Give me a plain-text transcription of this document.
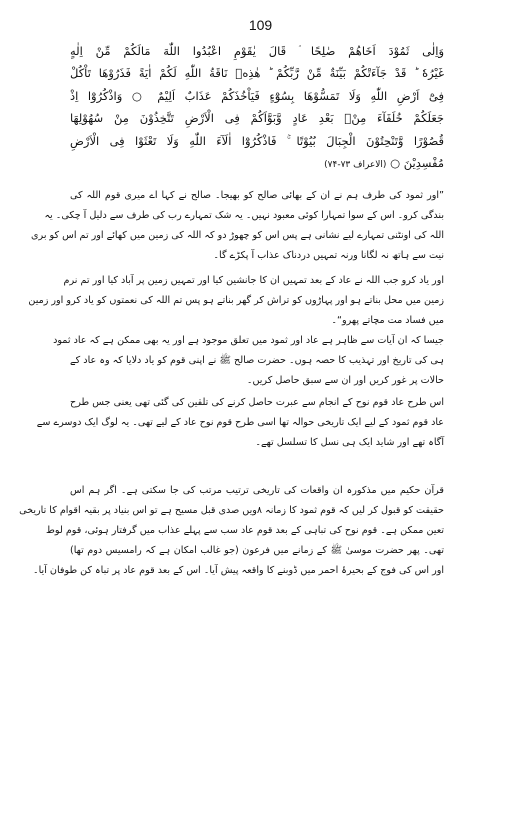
109
وَاِلٰی ثَمُوْدَ اَخَاهُمْ صٰلِحًا ۘ قَالَ یٰقَوْمِ اعْبُدُوا اللّٰهَ مَالَكُمْ مِّنْ اِلٰهٍ
غَیْرُهٗ ؕ قَدْ جَآءَتْكُمْ بَیِّنَةٌ مِّنْ رَّبِّكُمْ ؕ هٰذِهٖ نَاقَةُ اللّٰهِ لَكُمْ اٰیَةً فَذَرُوْهَا تَاْكُلْ
فِیْٓ اَرْضِ اللّٰهِ وَلَا تَمَسُّوْهَا بِسُوْٓءٍ فَیَاْخُذَكُمْ عَذَابٌ اَلِیْمٌ ○ وَاذْكُرُوْٓا اِذْ
جَعَلَكُمْ خُلَفَآءَ مِنْۢ بَعْدِ عَادٍ وَّبَوَّاَكُمْ فِی الْاَرْضِ تَتَّخِذُوْنَ مِنْ سُهُوْلِهَا
قُصُوْرًا وَّتَنْحِتُوْنَ الْجِبَالَ بُیُوْتًا ۚ فَاذْكُرُوْٓا اٰلَآءَ اللّٰهِ وَلَا تَعْثَوْا فِی الْاَرْضِ
مُفْسِدِیْنَ ○ (الاعراف ۷۳-۷۴)
”اور ثمود کی طرف ہم نے ان کے بھائی صالح کو بھیجا۔ صالح نے کہا اے میری قوم اللہ کی
بندگی کرو۔ اس کے سوا تمہارا کوئی معبود نہیں۔ یہ شک تمہارے رب کی طرف سے دلیل آ چکی۔ یہ
اللہ کی اونٹنی تمہارے لیے نشانی ہے پس اس کو چھوڑ دو کہ اللہ کی زمین میں کھائے اور تم اس کو بری
نیت سے ہاتھ نہ لگانا ورنہ تمہیں دردناک عذاب آ پکڑے گا۔
اور یاد کرو جب اللہ نے عاد کے بعد تمہیں ان کا جانشین کیا اور تمہیں زمین پر آباد کیا اور تم نرم
زمین میں محل بناتے ہو اور پہاڑوں کو تراش کر گھر بناتے ہو پس تم اللہ کی نعمتوں کو یاد کرو اور زمین
میں فساد مت مچاتے پھرو“۔
جیسا کہ ان آیات سے ظاہر ہے عاد اور ثمود میں تعلق موجود ہے اور یہ بھی ممکن ہے کہ عاد ثمود
ہی کی تاریخ اور تہذیب کا حصہ ہوں۔ حضرت صالح ﷺ نے اپنی قوم کو یاد دلایا کہ وہ عاد کے
حالات پر غور کریں اور ان سے سبق حاصل کریں۔
اس طرح عاد قوم نوح کے انجام سے عبرت حاصل کرنے کی تلقین کی گئی تھی یعنی جس طرح
عاد قوم ثمود کے لیے ایک تاریخی حوالہ تھا اسی طرح قوم نوح عاد کے لیے تھی۔ یہ لوگ ایک دوسرے سے
آگاہ تھے اور شاید ایک ہی نسل کا تسلسل تھے۔
قرآن حکیم میں مذکورہ ان واقعات کی تاریخی ترتیب مرتب کی جا سکتی ہے۔ اگر ہم اس
حقیقت کو قبول کر لیں کہ قوم ثمود کا زمانہ ۸ویں صدی قبل مسیح ہے تو اس بنیاد پر بقیہ اقوام کا تاریخی
تعین ممکن ہے۔ قوم نوح کی تباہی کے بعد قوم عاد سب سے پہلے عذاب میں گرفتار ہوئی، قوم لوط
تھی۔ پھر حضرت موسیٰ ﷺ کے زمانے میں فرعون (جو غالب امکان ہے کہ رامسیس دوم تھا)
اور اس کی فوج کے بحیرۂ احمر میں ڈوبنے کا واقعہ پیش آیا۔ اس کے بعد قوم عاد پر تباہ کن طوفان آیا۔
